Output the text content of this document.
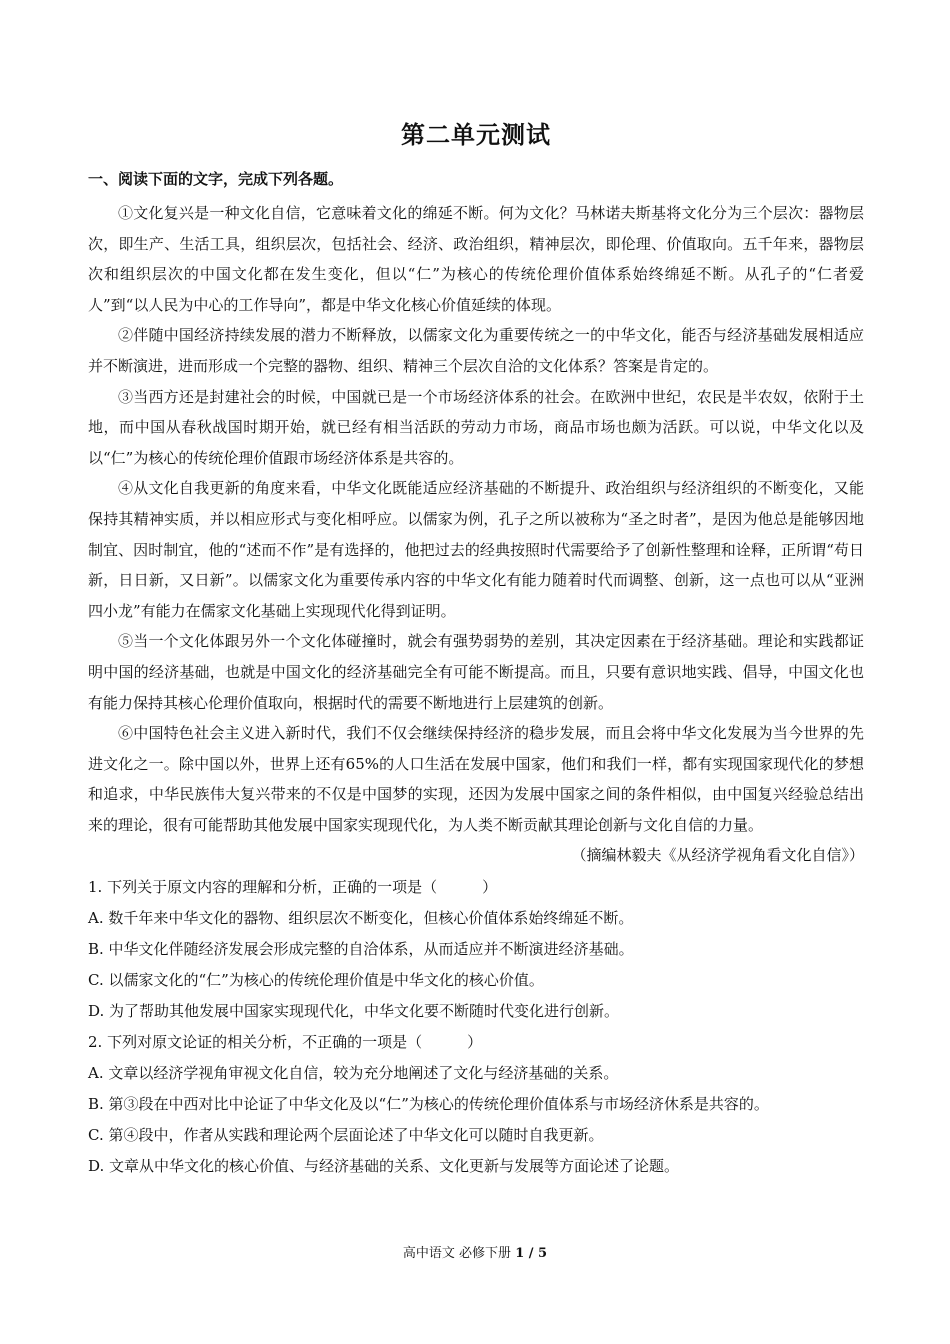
第二单元测试
一、阅读下面的文字，完成下列各题。

①文化复兴是一种文化自信，它意味着文化的绵延不断。何为文化？马林诺夫斯基将文化分为三个层次：器物层次，即生产、生活工具，组织层次，包括社会、经济、政治组织，精神层次，即伦理、价值取向。五千年来，器物层次和组织层次的中国文化都在发生变化，但以“仁”为核心的传统伦理价值体系始终绵延不断。从孔子的“仁者爱人”到“以人民为中心的工作导向”，都是中华文化核心价值延续的体现。

②伴随中国经济持续发展的潜力不断释放，以儒家文化为重要传统之一的中华文化，能否与经济基础发展相适应并不断演进，进而形成一个完整的器物、组织、精神三个层次自洽的文化体系？答案是肯定的。

③当西方还是封建社会的时候，中国就已是一个市场经济体系的社会。在欧洲中世纪，农民是半农奴，依附于土地，而中国从春秋战国时期开始，就已经有相当活跃的劳动力市场，商品市场也颇为活跃。可以说，中华文化以及以“仁”为核心的传统伦理价值跟市场经济体系是共容的。

④从文化自我更新的角度来看，中华文化既能适应经济基础的不断提升、政治组织与经济组织的不断变化，又能保持其精神实质，并以相应形式与变化相呼应。以儒家为例，孔子之所以被称为“圣之时者”，是因为他总是能够因地制宜、因时制宜，他的“述而不作”是有选择的，他把过去的经典按照时代需要给予了创新性整理和诠释，正所谓“苟日新，日日新，又日新”。以儒家文化为重要传承内容的中华文化有能力随着时代而调整、创新，这一点也可以从“亚洲四小龙”有能力在儒家文化基础上实现现代化得到证明。

⑤当一个文化体跟另外一个文化体碰撞时，就会有强势弱势的差别，其决定因素在于经济基础。理论和实践都证明中国的经济基础，也就是中国文化的经济基础完全有可能不断提高。而且，只要有意识地实践、倡导，中国文化也有能力保持其核心伦理价值取向，根据时代的需要不断地进行上层建筑的创新。

⑥中国特色社会主义进入新时代，我们不仅会继续保持经济的稳步发展，而且会将中华文化发展为当今世界的先进文化之一。除中国以外，世界上还有65%的人口生活在发展中国家，他们和我们一样，都有实现国家现代化的梦想和追求，中华民族伟大复兴带来的不仅是中国梦的实现，还因为发展中国家之间的条件相似，由中国复兴经验总结出来的理论，很有可能帮助其他发展中国家实现现代化，为人类不断贡献其理论创新与文化自信的力量。

（摘编林毅夫《从经济学视角看文化自信》）

1. 下列关于原文内容的理解和分析，正确的一项是（　　　）

A. 数千年来中华文化的器物、组织层次不断变化，但核心价值体系始终绵延不断。

B. 中华文化伴随经济发展会形成完整的自洽体系，从而适应并不断演进经济基础。

C. 以儒家文化的“仁”为核心的传统伦理价值是中华文化的核心价值。

D. 为了帮助其他发展中国家实现现代化，中华文化要不断随时代变化进行创新。

2. 下列对原文论证的相关分析，不正确的一项是（　　　）

A. 文章以经济学视角审视文化自信，较为充分地阐述了文化与经济基础的关系。

B. 第③段在中西对比中论证了中华文化及以“仁”为核心的传统伦理价值体系与市场经济休系是共容的。

C. 第④段中，作者从实践和理论两个层面论述了中华文化可以随时自我更新。

D. 文章从中华文化的核心价值、与经济基础的关系、文化更新与发展等方面论述了论题。

高中语文 必修下册 1 / 5
